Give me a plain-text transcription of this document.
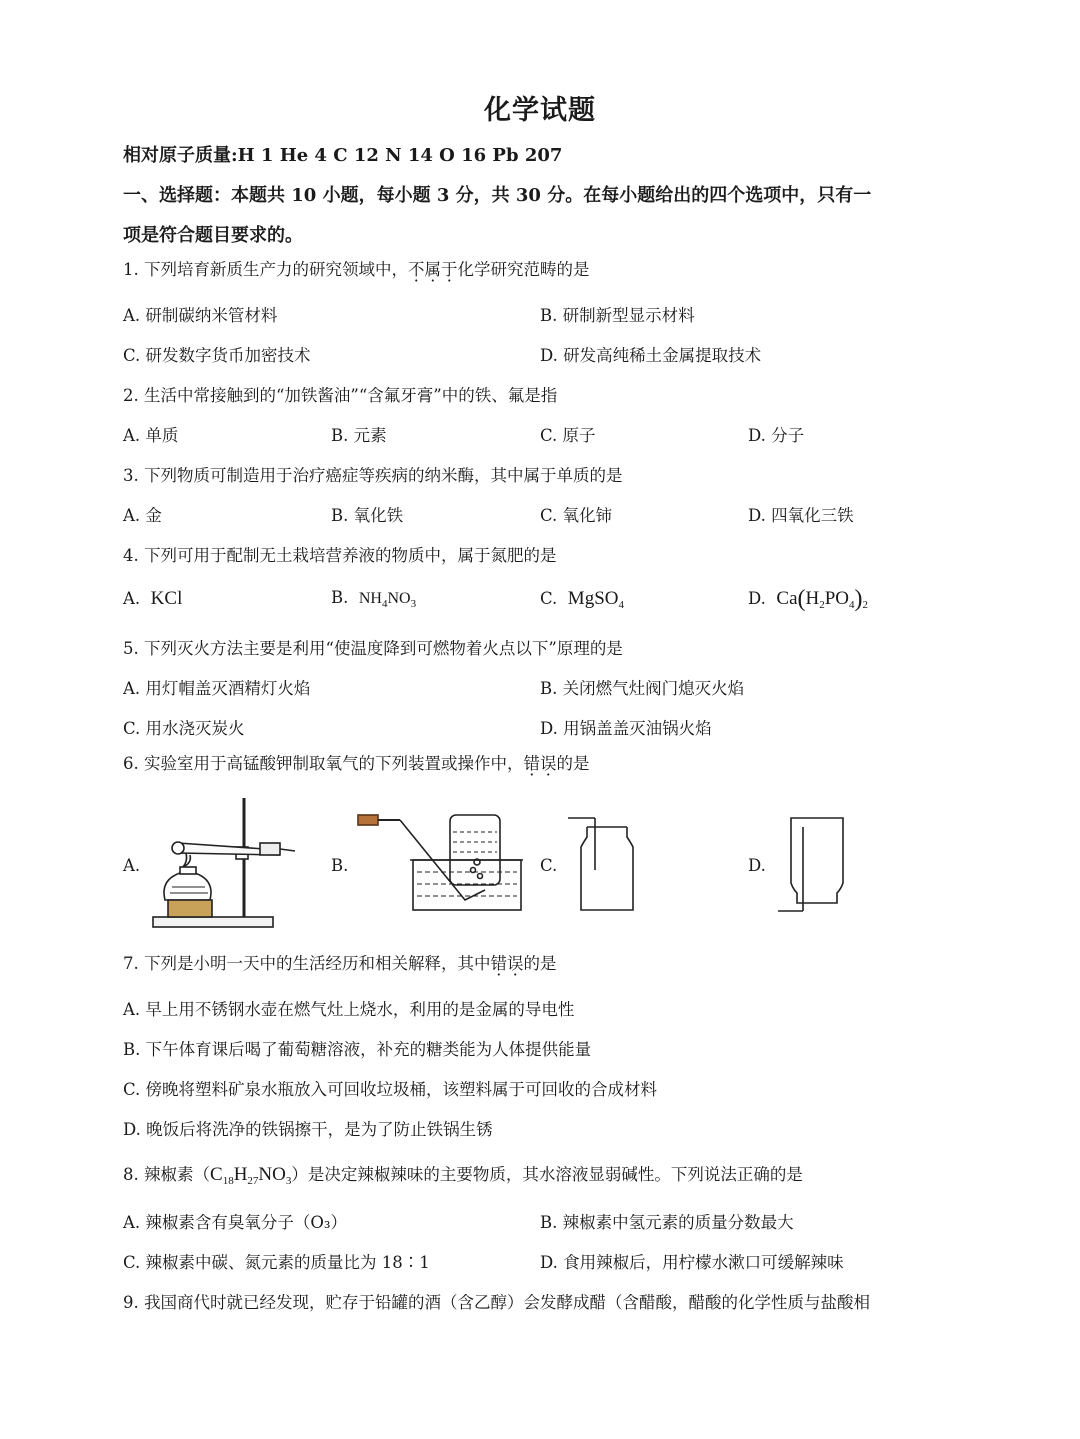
化学试题
相对原子质量:H 1 He 4 C 12 N 14 O 16 Pb 207
一、选择题：本题共 10 小题，每小题 3 分，共 30 分。在每小题给出的四个选项中，只有一
项是符合题目要求的。
1. 下列培育新质生产力的研究领域中，不属于化学研究范畴的是
A. 研制碳纳米管材料	B. 研制新型显示材料
C. 研发数字货币加密技术	D. 研发高纯稀土金属提取技术
2. 生活中常接触到的“加铁酱油”“含氟牙膏”中的铁、氟是指
A. 单质	B. 元素	C. 原子	D. 分子
3. 下列物质可制造用于治疗癌症等疾病的纳米酶，其中属于单质的是
A. 金	B. 氧化铁	C. 氧化铈	D. 四氧化三铁
4. 下列可用于配制无土栽培营养液的物质中，属于氮肥的是
A. KCl	B. $NH_4NO_3$	C. MgSO$_4$	D. $Ca(H_2PO_4)_2$
5. 下列灭火方法主要是利用“使温度降到可燃物着火点以下”原理的是
A. 用灯帽盖灭酒精灯火焰	B. 关闭燃气灶阀门熄灭火焰
C. 用水浇灭炭火	D. 用锅盖盖灭油锅火焰
6. 实验室用于高锰酸钾制取氧气的下列装置或操作中，错误的是
A.	B.	C.	D.
7. 下列是小明一天中的生活经历和相关解释，其中错误的是
A. 早上用不锈钢水壶在燃气灶上烧水，利用的是金属的导电性
B. 下午体育课后喝了葡萄糖溶液，补充的糖类能为人体提供能量
C. 傍晚将塑料矿泉水瓶放入可回收垃圾桶，该塑料属于可回收的合成材料
D. 晚饭后将洗净的铁锅擦干，是为了防止铁锅生锈
8. 辣椒素$(C_{18}H_{27}NO_3)$是决定辣椒辣味的主要物质，其水溶液显弱碱性。下列说法正确的是
A. 辣椒素含有臭氧分子（O₃）	B. 辣椒素中氢元素的质量分数最大
C. 辣椒素中碳、氮元素的质量比为 18∶1	D. 食用辣椒后，用柠檬水漱口可缓解辣味
9. 我国商代时就已经发现，贮存于铅罐的酒（含乙醇）会发酵成醋（含醋酸，醋酸的化学性质与盐酸相
